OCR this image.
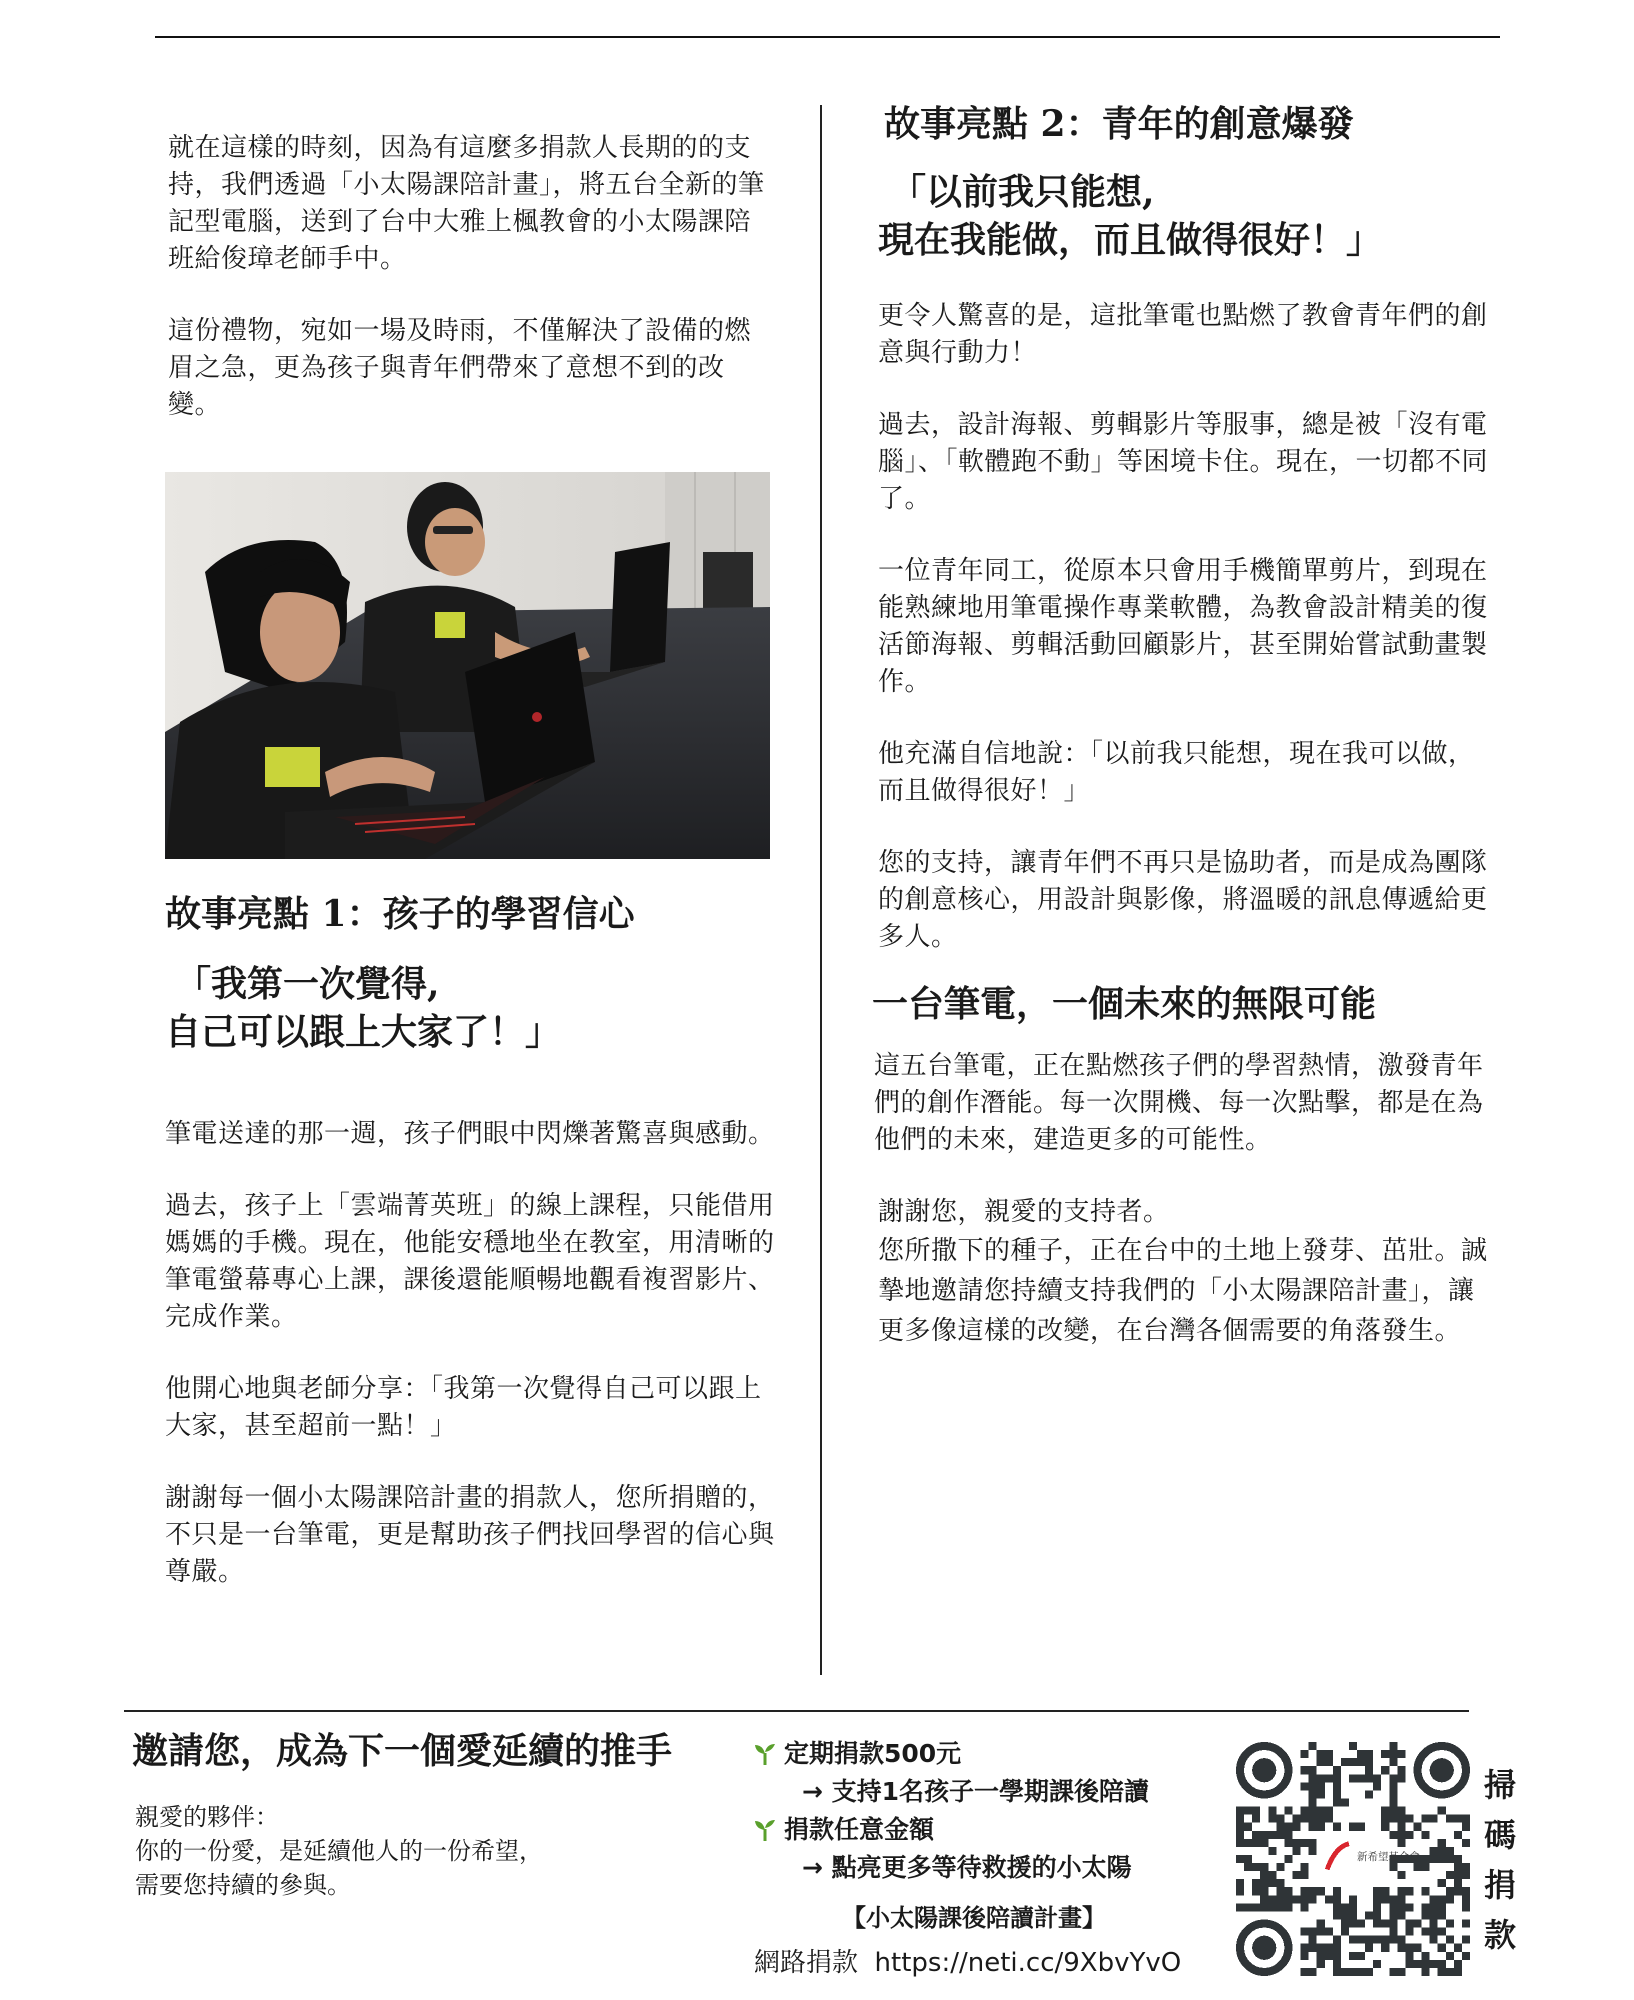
就在這樣的時刻，因為有這麼多捐款人長期的的支持，我們透過「小太陽課陪計畫」，將五台全新的筆記型電腦，送到了台中大雅上楓教會的小太陽課陪班給俊璋老師手中。

這份禮物，宛如一場及時雨，不僅解決了設備的燃眉之急，更為孩子與青年們帶來了意想不到的改變。

故事亮點 1：孩子的學習信心
「我第一次覺得,
自己可以跟上大家了！」

筆電送達的那一週，孩子們眼中閃爍著驚喜與感動。

過去，孩子上「雲端菁英班」的線上課程，只能借用媽媽的手機。現在，他能安穩地坐在教室，用清晰的筆電螢幕專心上課，課後還能順暢地觀看複習影片、完成作業。

他開心地與老師分享：「我第一次覺得自己可以跟上大家，甚至超前一點！」

謝謝每一個小太陽課陪計畫的捐款人，您所捐贈的，不只是一台筆電，更是幫助孩子們找回學習的信心與尊嚴。

故事亮點 2：青年的創意爆發
「以前我只能想,
現在我能做，而且做得很好！」

更令人驚喜的是，這批筆電也點燃了教會青年們的創意與行動力！

過去，設計海報、剪輯影片等服事，總是被「沒有電腦」、「軟體跑不動」等困境卡住。現在，一切都不同了。

一位青年同工，從原本只會用手機簡單剪片，到現在能熟練地用筆電操作專業軟體，為教會設計精美的復活節海報、剪輯活動回顧影片，甚至開始嘗試動畫製作。

他充滿自信地說：「以前我只能想，現在我可以做，而且做得很好！」

您的支持，讓青年們不再只是協助者，而是成為團隊的創意核心，用設計與影像，將溫暖的訊息傳遞給更多人。

一台筆電，一個未來的無限可能

這五台筆電，正在點燃孩子們的學習熱情，激發青年們的創作潛能。每一次開機、每一次點擊，都是在為他們的未來，建造更多的可能性。

謝謝您，親愛的支持者。

您所撒下的種子，正在台中的土地上發芽、茁壯。誠摯地邀請您持續支持我們的「小太陽課陪計畫」，讓更多像這樣的改變，在台灣各個需要的角落發生。

邀請您，成為下一個愛延續的推手
親愛的夥伴：
你的一份愛，是延續他人的一份希望，
需要您持續的參與。
定期捐款500元
→ 支持1名孩子一學期課後陪讀
捐款任意金額
→ 點亮更多等待救援的小太陽
【小太陽課後陪讀計畫】
網路捐款 https://neti.cc/9XbvYvO
新希望基金會
掃
碼
捐
款
